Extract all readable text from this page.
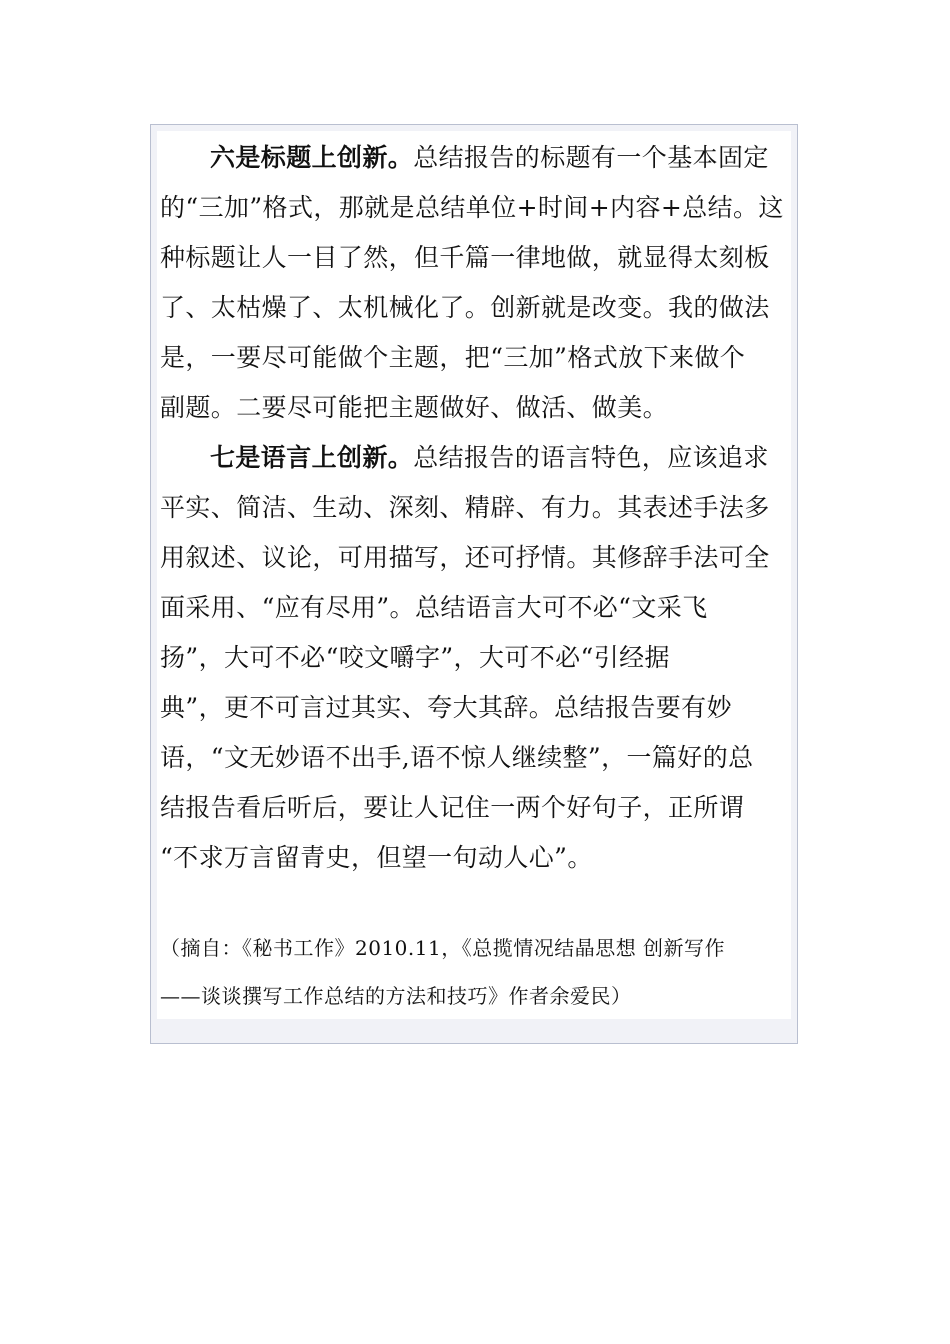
六是标题上创新。总结报告的标题有一个基本固定
的“三加”格式，那就是总结单位+时间+内容+总结。这
种标题让人一目了然，但千篇一律地做，就显得太刻板
了、太枯燥了、太机械化了。创新就是改变。我的做法
是，一要尽可能做个主题，把“三加”格式放下来做个
副题。二要尽可能把主题做好、做活、做美。
七是语言上创新。总结报告的语言特色，应该追求
平实、简洁、生动、深刻、精辟、有力。其表述手法多
用叙述、议论，可用描写，还可抒情。其修辞手法可全
面采用、“应有尽用”。总结语言大可不必“文采飞
扬”，大可不必“咬文嚼字”，大可不必“引经据
典”，更不可言过其实、夸大其辞。总结报告要有妙
语，“文无妙语不出手,语不惊人继续整”，一篇好的总
结报告看后听后，要让人记住一两个好句子，正所谓
“不求万言留青史，但望一句动人心”。
（摘自：《秘书工作》2010.11，《总揽情况结晶思想 创新写作
——谈谈撰写工作总结的方法和技巧》作者余爱民）
